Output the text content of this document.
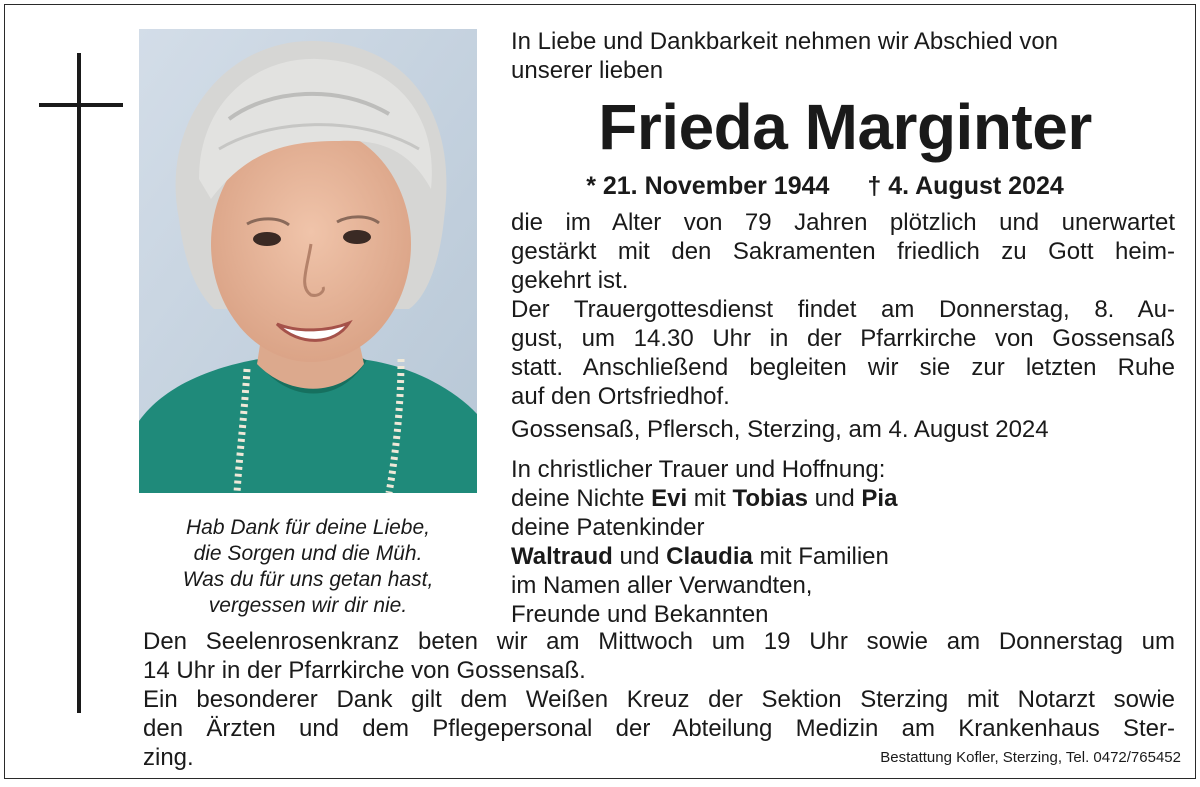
Hab Dank für deine Liebe,
die Sorgen und die Müh.
Was du für uns getan hast,
vergessen wir dir nie.
In Liebe und Dankbarkeit nehmen wir Abschied von
unserer lieben
Frieda Marginter
* 21. November 1944 † 4. August 2024
die im Alter von 79 Jahren plötzlich und unerwartet
gestärkt mit den Sakramenten friedlich zu Gott heim-
gekehrt ist.
Der Trauergottesdienst findet am Donnerstag, 8. Au-
gust, um 14.30 Uhr in der Pfarrkirche von Gossensaß
statt. Anschließend begleiten wir sie zur letzten Ruhe
auf den Ortsfriedhof.
Gossensaß, Pflersch, Sterzing, am 4. August 2024
In christlicher Trauer und Hoffnung:
deine Nichte Evi mit Tobias und Pia
deine Patenkinder
Waltraud und Claudia mit Familien
im Namen aller Verwandten,
Freunde und Bekannten
Den Seelenrosenkranz beten wir am Mittwoch um 19 Uhr sowie am Donnerstag um
14 Uhr in der Pfarrkirche von Gossensaß.
Ein besonderer Dank gilt dem Weißen Kreuz der Sektion Sterzing mit Notarzt sowie
den Ärzten und dem Pflegepersonal der Abteilung Medizin am Krankenhaus Ster-
zing.	Bestattung Kofler, Sterzing, Tel. 0472/765452
